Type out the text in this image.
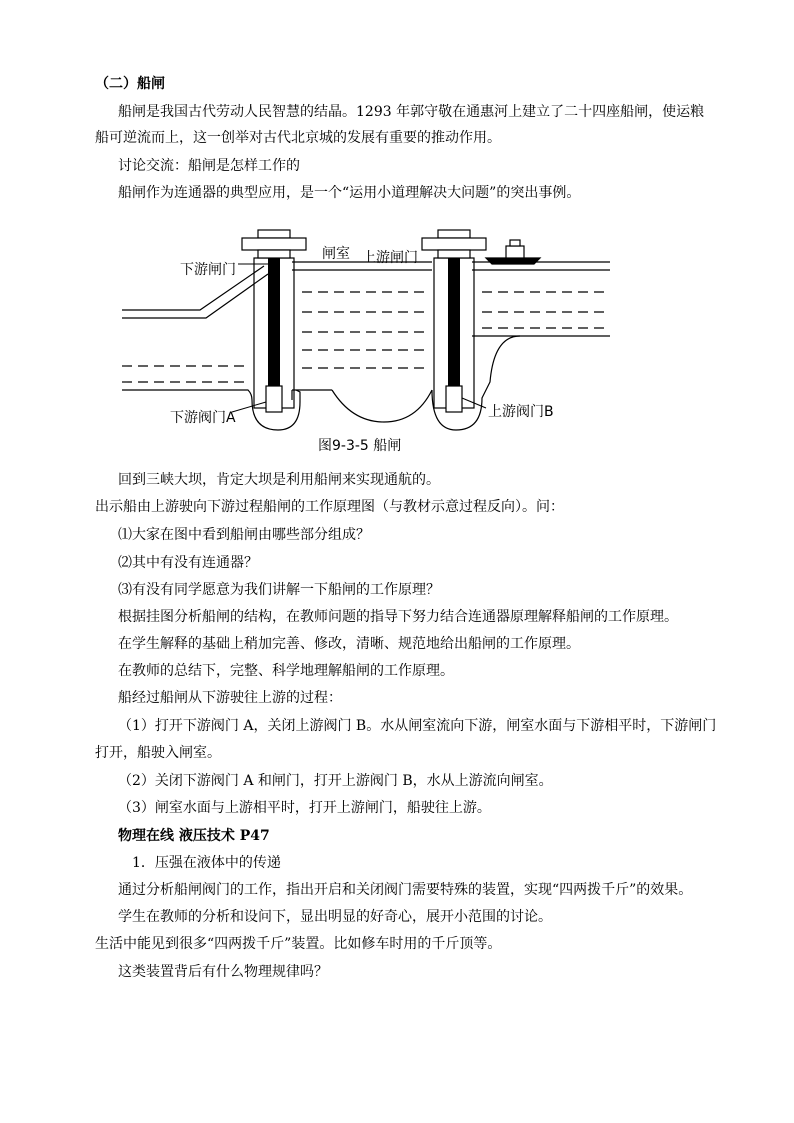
（二）船闸
船闸是我国古代劳动人民智慧的结晶。1293 年郭守敬在通惠河上建立了二十四座船闸，使运粮
船可逆流而上，这一创举对古代北京城的发展有重要的推动作用。
讨论交流：船闸是怎样工作的
船闸作为连通器的典型应用，是一个“运用小道理解决大问题”的突出事例。
下游闸门
闸室 上游闸门
下游阀门A	上游阀门B
图9-3-5 船闸
回到三峡大坝，肯定大坝是利用船闸来实现通航的。
出示船由上游驶向下游过程船闸的工作原理图（与教材示意过程反向）。问：
⑴大家在图中看到船闸由哪些部分组成？
⑵其中有没有连通器？
⑶有没有同学愿意为我们讲解一下船闸的工作原理？
根据挂图分析船闸的结构，在教师问题的指导下努力结合连通器原理解释船闸的工作原理。
在学生解释的基础上稍加完善、修改，清晰、规范地给出船闸的工作原理。
在教师的总结下，完整、科学地理解船闸的工作原理。
船经过船闸从下游驶往上游的过程：
（1）打开下游阀门 A，关闭上游阀门 B。水从闸室流向下游，闸室水面与下游相平时，下游闸门
打开，船驶入闸室。
（2）关闭下游阀门 A 和闸门，打开上游阀门 B，水从上游流向闸室。
（3）闸室水面与上游相平时，打开上游闸门，船驶往上游。
物理在线 液压技术 P47
1．压强在液体中的传递
通过分析船闸阀门的工作，指出开启和关闭阀门需要特殊的装置，实现“四两拨千斤”的效果。
学生在教师的分析和设问下，显出明显的好奇心，展开小范围的讨论。
生活中能见到很多“四两拨千斤”装置。比如修车时用的千斤顶等。
这类装置背后有什么物理规律吗？
